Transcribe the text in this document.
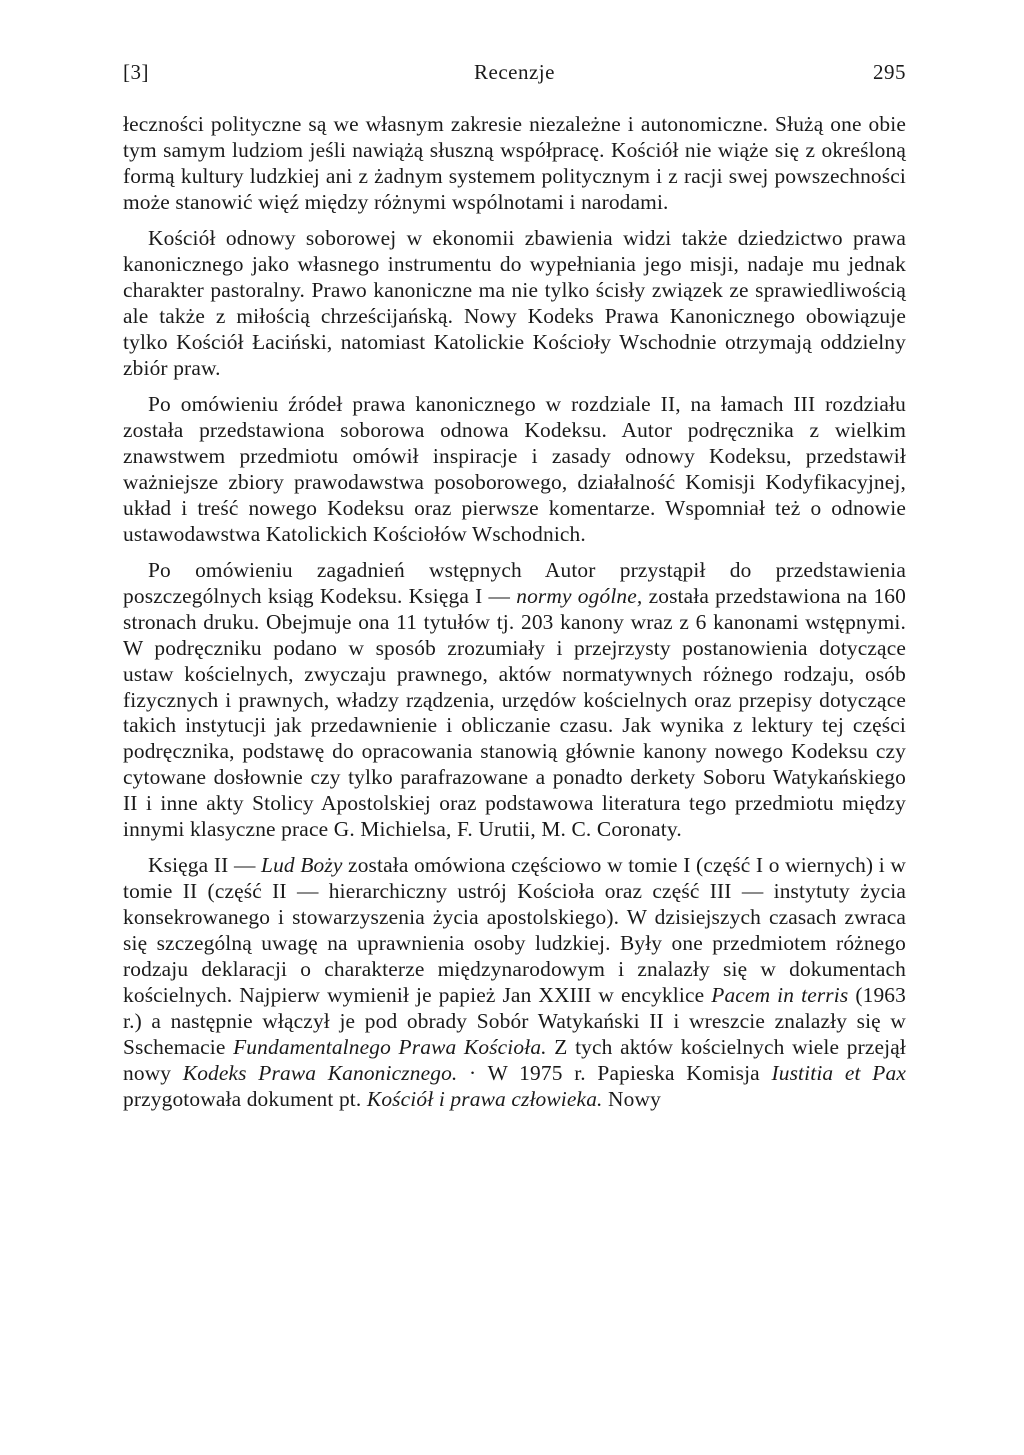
[3]	Recenzje	295

łeczności polityczne są we własnym zakresie niezależne i autonomiczne. Służą one obie tym samym ludziom jeśli nawiążą słuszną współpracę. Kościół nie wiąże się z określoną formą kultury ludzkiej ani z żadnym systemem politycznym i z racji swej powszechności może stanowić więź między różnymi wspólnotami i narodami.

Kościół odnowy soborowej w ekonomii zbawienia widzi także dziedzictwo prawa kanonicznego jako własnego instrumentu do wypełniania jego misji, nadaje mu jednak charakter pastoralny. Prawo kanoniczne ma nie tylko ścisły związek ze sprawiedliwością ale także z miłością chrześcijańską. Nowy Kodeks Prawa Kanonicznego obowiązuje tylko Kościół Łaciński, natomiast Katolickie Kościoły Wschodnie otrzymają oddzielny zbiór praw.

Po omówieniu źródeł prawa kanonicznego w rozdziale II, na łamach III rozdziału została przedstawiona soborowa odnowa Kodeksu. Autor podręcznika z wielkim znawstwem przedmiotu omówił inspiracje i zasady odnowy Kodeksu, przedstawił ważniejsze zbiory prawodawstwa posoborowego, działalność Komisji Kodyfikacyjnej, układ i treść nowego Kodeksu oraz pierwsze komentarze. Wspomniał też o odnowie ustawodawstwa Katolickich Kościołów Wschodnich.

Po omówieniu zagadnień wstępnych Autor przystąpił do przedstawienia poszczególnych ksiąg Kodeksu. Księga I — normy ogólne, została przedstawiona na 160 stronach druku. Obejmuje ona 11 tytułów tj. 203 kanony wraz z 6 kanonami wstępnymi. W podręczniku podano w sposób zrozumiały i przejrzysty postanowienia dotyczące ustaw kościelnych, zwyczaju prawnego, aktów normatywnych różnego rodzaju, osób fizycznych i prawnych, władzy rządzenia, urzędów kościelnych oraz przepisy dotyczące takich instytucji jak przedawnienie i obliczanie czasu. Jak wynika z lektury tej części podręcznika, podstawę do opracowania stanowią głównie kanony nowego Kodeksu czy cytowane dosłownie czy tylko parafrazowane a ponadto derkety Soboru Watykańskiego II i inne akty Stolicy Apostolskiej oraz podstawowa literatura tego przedmiotu między innymi klasyczne prace G. Michielsa, F. Urutii, M. C. Coronaty.

Księga II — Lud Boży została omówiona częściowo w tomie I (część I o wiernych) i w tomie II (część II — hierarchiczny ustrój Kościoła oraz część III — instytuty życia konsekrowanego i stowarzyszenia życia apostolskiego). W dzisiejszych czasach zwraca się szczególną uwagę na uprawnienia osoby ludzkiej. Były one przedmiotem różnego rodzaju deklaracji o charakterze międzynarodowym i znalazły się w dokumentach kościelnych. Najpierw wymienił je papież Jan XXIII w encyklice Pacem in terris (1963 r.) a następnie włączył je pod obrady Sobór Watykański II i wreszcie znalazły się w Sschemacie Fundamentalnego Prawa Kościoła. Z tych aktów kościelnych wiele przejął nowy Kodeks Prawa Kanonicznego. · W 1975 r. Papieska Komisja Iustitia et Pax przygotowała dokument pt. Kościół i prawa człowieka. Nowy
